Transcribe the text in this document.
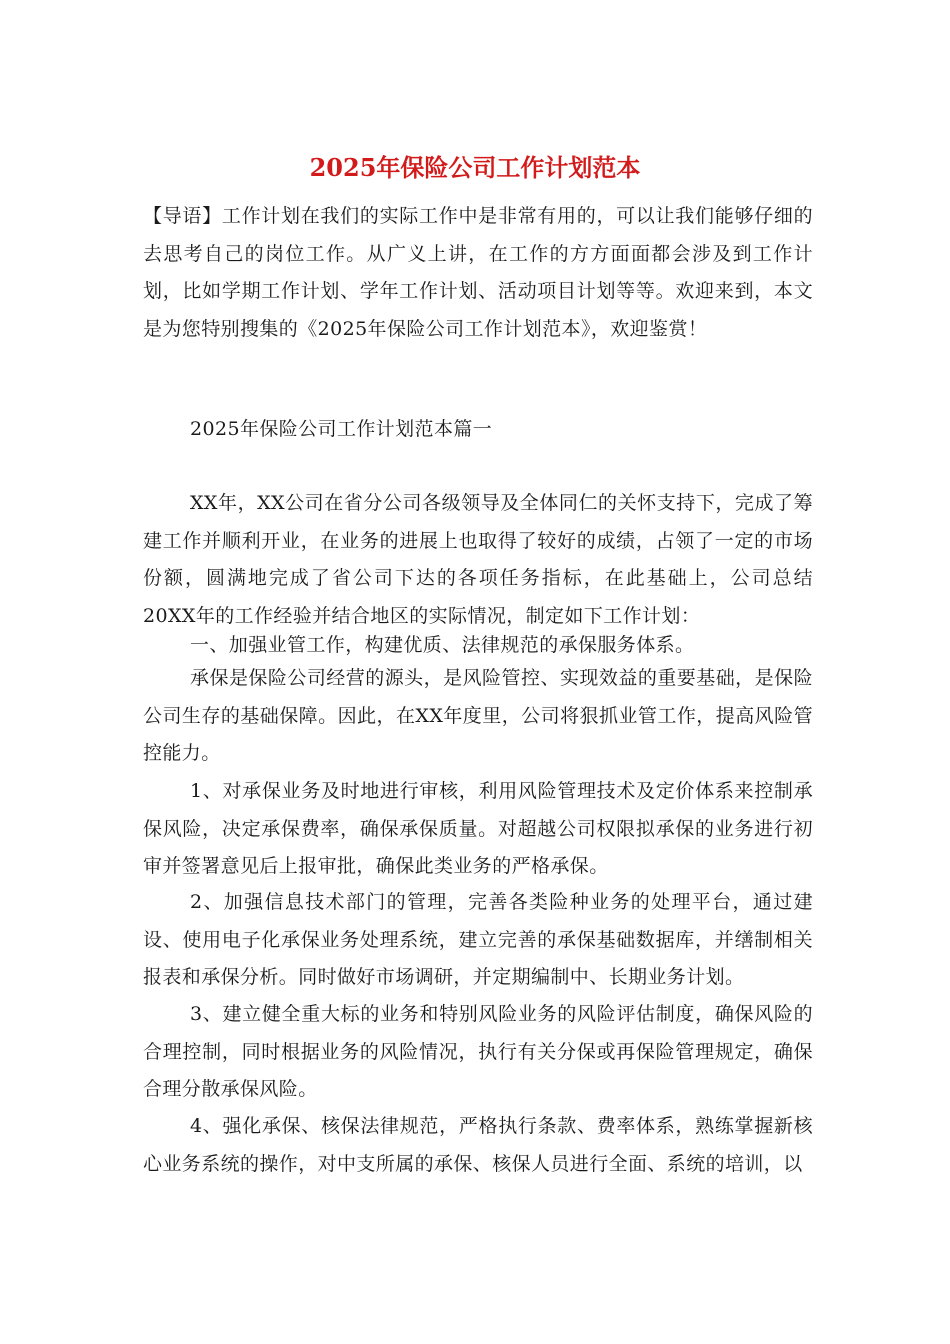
2025年保险公司工作计划范本

【导语】工作计划在我们的实际工作中是非常有用的，可以让我们能够仔细的去思考自己的岗位工作。从广义上讲，在工作的方方面面都会涉及到工作计划，比如学期工作计划、学年工作计划、活动项目计划等等。欢迎来到，本文是为您特别搜集的《2025年保险公司工作计划范本》，欢迎鉴赏！

2025年保险公司工作计划范本篇一

XX年，XX公司在省分公司各级领导及全体同仁的关怀支持下，完成了筹建工作并顺利开业，在业务的进展上也取得了较好的成绩，占领了一定的市场份额，圆满地完成了省公司下达的各项任务指标，在此基础上，公司总结20XX年的工作经验并结合地区的实际情况，制定如下工作计划：

一、加强业管工作，构建优质、法律规范的承保服务体系。

承保是保险公司经营的源头，是风险管控、实现效益的重要基础，是保险公司生存的基础保障。因此，在XX年度里，公司将狠抓业管工作，提高风险管控能力。

1、对承保业务及时地进行审核，利用风险管理技术及定价体系来控制承保风险，决定承保费率，确保承保质量。对超越公司权限拟承保的业务进行初审并签署意见后上报审批，确保此类业务的严格承保。

2、加强信息技术部门的管理，完善各类险种业务的处理平台，通过建设、使用电子化承保业务处理系统，建立完善的承保基础数据库，并缮制相关报表和承保分析。同时做好市场调研，并定期编制中、长期业务计划。

3、建立健全重大标的业务和特别风险业务的风险评估制度，确保风险的合理控制，同时根据业务的风险情况，执行有关分保或再保险管理规定，确保合理分散承保风险。

4、强化承保、核保法律规范，严格执行条款、费率体系，熟练掌握新核心业务系统的操作，对中支所属的承保、核保人员进行全面、系统的培训，以
